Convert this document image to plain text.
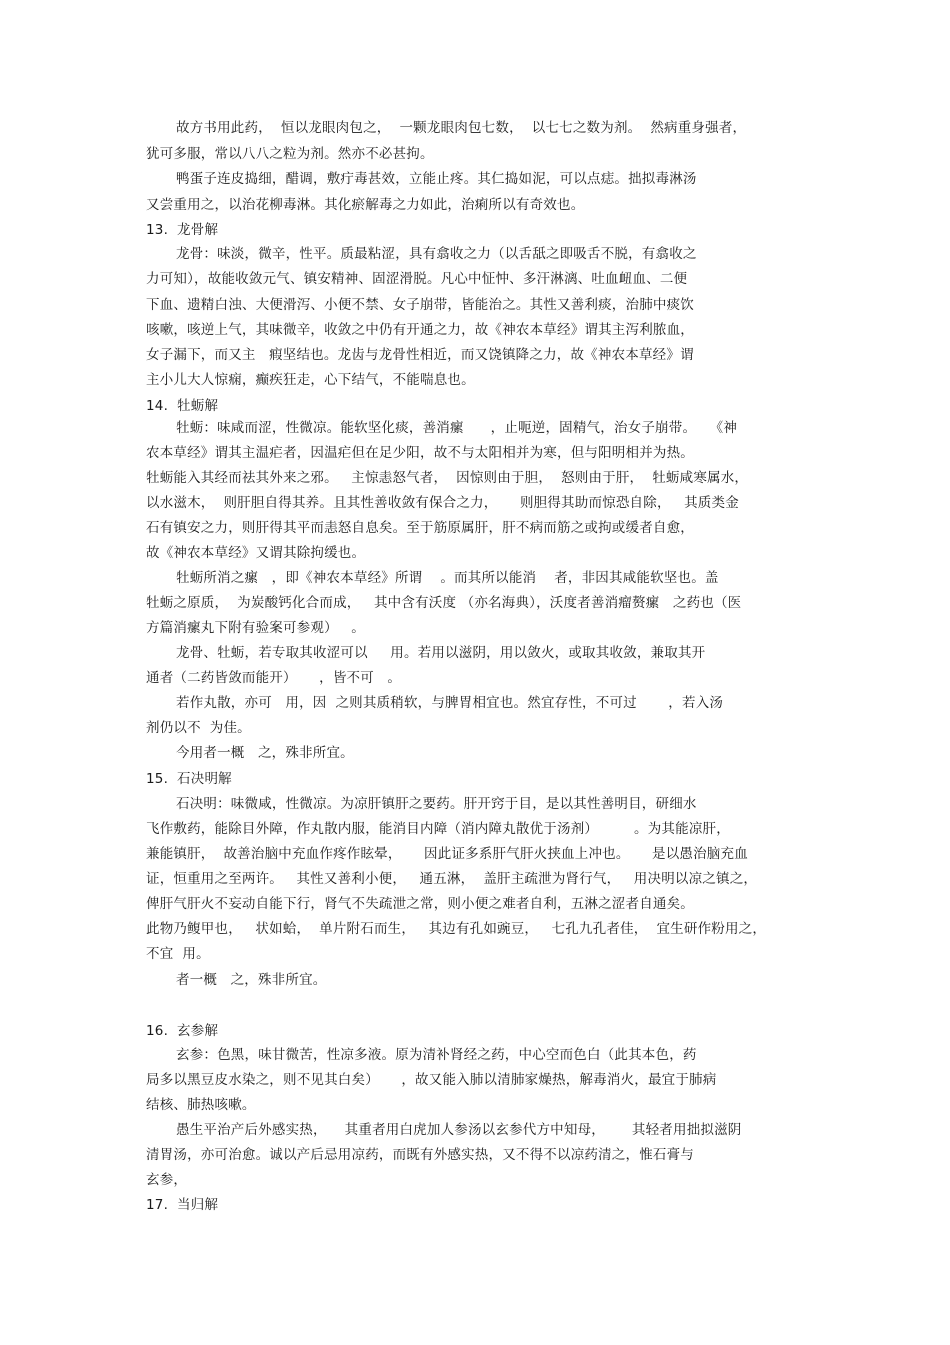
故方书用此药，  恒以龙眼肉包之，  一颗龙眼肉包七数，  以七七之数为剂。  然病重身强者，
犹可多服，常以八八之粒为剂。然亦不必甚拘。
鸭蛋子连皮捣细，醋调，敷疔毒甚效，立能止疼。其仁捣如泥，可以点痣。拙拟毒淋汤
又尝重用之，以治花柳毒淋。其化瘀解毒之力如此，治痢所以有奇效也。
13.  龙骨解
龙骨：味淡，微辛，性平。质最粘涩，具有翕收之力（以舌舐之即吸舌不脱，有翕收之
力可知），故能收敛元气、镇安精神、固涩滑脱。凡心中怔忡、多汗淋漓、吐血衄血、二便
下血、遗精白浊、大便滑泻、小便不禁、女子崩带，皆能治之。其性又善利痰，治肺中痰饮
咳嗽，咳逆上气，其味微辛，收敛之中仍有开通之力，故《神农本草经》谓其主泻利脓血，
女子漏下，而又主   瘕坚结也。龙齿与龙骨性相近，而又饶镇降之力，故《神农本草经》谓
主小儿大人惊痫，癫疾狂走，心下结气，不能喘息也。
14.  牡蛎解
牡蛎：味咸而涩，性微凉。能软坚化痰，善消瘰      ，止呃逆，固精气，治女子崩带。   《神
农本草经》谓其主温疟者，因温疟但在足少阳，故不与太阳相并为寒，但与阳明相并为热。
牡蛎能入其经而祛其外来之邪。   主惊恚怒气者，  因惊则由于胆，  怒则由于肝，  牡蛎咸寒属水，
以水滋木，  则肝胆自得其养。且其性善收敛有保合之力，     则胆得其助而惊恐自除，   其质类金
石有镇安之力，则肝得其平而恚怒自息矣。至于筋原属肝，肝不病而筋之或拘或缓者自愈，
故《神农本草经》又谓其除拘缓也。
牡蛎所消之瘰   ，即《神农本草经》所谓    。而其所以能消    者，非因其咸能软坚也。盖
牡蛎之原质，  为炭酸钙化合而成，   其中含有沃度 （亦名海典），沃度者善消瘤赘瘰   之药也（医
方篇消瘰丸下附有验案可参观）   。
龙骨、牡蛎，若专取其收涩可以     用。若用以滋阴，用以敛火，或取其收敛，兼取其开
通者（二药皆敛而能开）     ，皆不可   。
若作丸散，亦可   用，因  之则其质稍软，与脾胃相宜也。然宜存性，不可过       ，若入汤
剂仍以不  为佳。
今用者一概   之，殊非所宜。
15.  石决明解
石决明：味微咸，性微凉。为凉肝镇肝之要药。肝开窍于目，是以其性善明目，研细水
飞作敷药，能除目外障，作丸散内服，能消目内障（消内障丸散优于汤剂）        。为其能凉肝，
兼能镇肝，  故善治脑中充血作疼作眩晕，     因此证多系肝气肝火挟血上冲也。     是以愚治脑充血
证，恒重用之至两许。   其性又善利小便，   通五淋，  盖肝主疏泄为肾行气，   用决明以凉之镇之，
俾肝气肝火不妄动自能下行，肾气不失疏泄之常，则小便之难者自利，五淋之涩者自通矣。
此物乃鳆甲也，   状如蛤，  单片附石而生，   其边有孔如豌豆，   七孔九孔者佳，  宜生研作粉用之，
不宜  用。
者一概   之，殊非所宜。
16.  玄参解
玄参：色黑，味甘微苦，性凉多液。原为清补肾经之药，中心空而色白（此其本色，药
局多以黑豆皮水染之，则不见其白矣）     ，故又能入肺以清肺家燥热，解毒消火，最宜于肺病
结核、肺热咳嗽。
愚生平治产后外感实热，    其重者用白虎加人参汤以玄参代方中知母，      其轻者用拙拟滋阴
清胃汤，亦可治愈。诚以产后忌用凉药，而既有外感实热，又不得不以凉药清之，惟石膏与
玄参，
17.  当归解
